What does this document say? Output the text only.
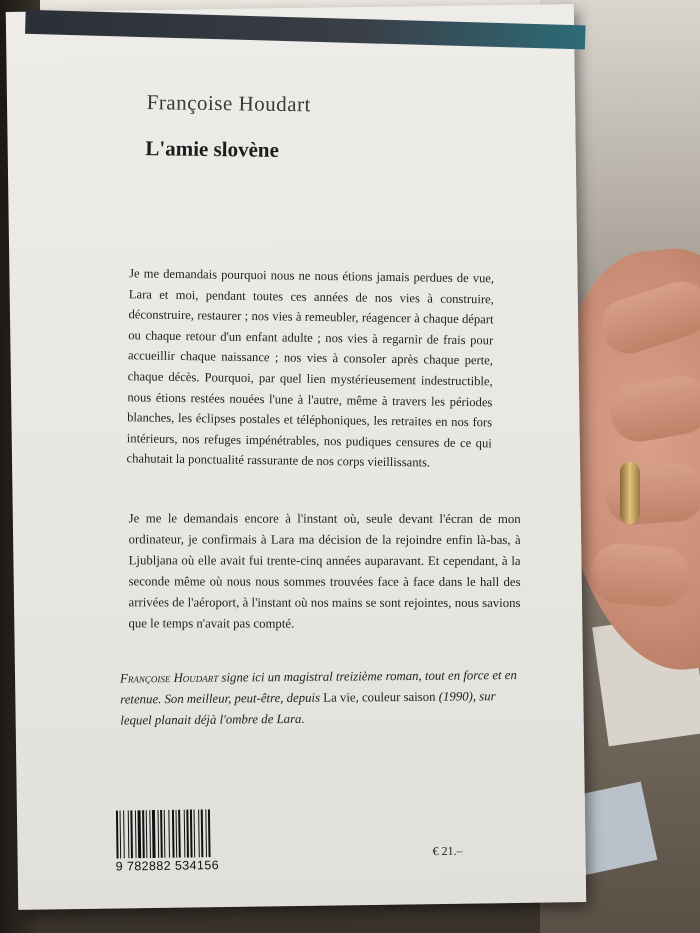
Françoise Houdart
L'amie slovène

Je me demandais pourquoi nous ne nous étions jamais perdues de vue, Lara et moi, pendant toutes ces années de nos vies à construire, déconstruire, restaurer ; nos vies à remeubler, réagencer à chaque départ ou chaque retour d'un enfant adulte ; nos vies à regarnir de frais pour accueillir chaque naissance ; nos vies à consoler après chaque perte, chaque décès. Pourquoi, par quel lien mystérieusement indestructible, nous étions restées nouées l'une à l'autre, même à travers les périodes blanches, les éclipses postales et téléphoniques, les retraites en nos fors intérieurs, nos refuges impénétrables, nos pudiques censures de ce qui chahutait la ponctualité rassurante de nos corps vieillissants.

Je me le demandais encore à l'instant où, seule devant l'écran de mon ordinateur, je confirmais à Lara ma décision de la rejoindre enfin là-bas, à Ljubljana où elle avait fui trente-cinq années auparavant. Et cependant, à la seconde même où nous nous sommes trouvées face à face dans le hall des arrivées de l'aéroport, à l'instant où nos mains se sont rejointes, nous savions que le temps n'avait pas compté.

Françoise Houdart signe ici un magistral treizième roman, tout en force et en retenue. Son meilleur, peut-être, depuis La vie, couleur saison (1990), sur lequel planait déjà l'ombre de Lara.
9 782882 534156
€ 21.–
